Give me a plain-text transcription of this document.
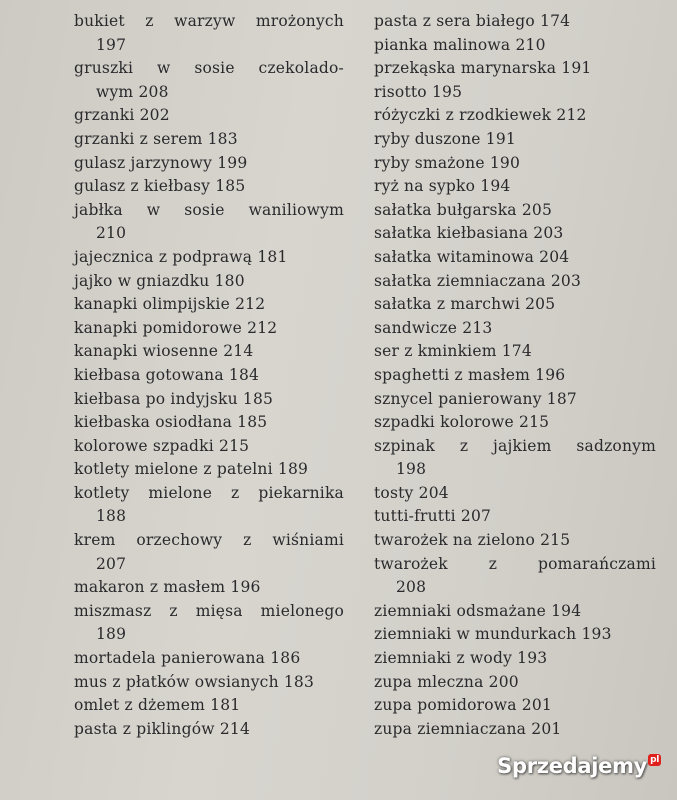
bukiet z warzyw mrożonych
197
gruszki w sosie czekolado-
wym 208
grzanki 202
grzanki z serem 183
gulasz jarzynowy 199
gulasz z kiełbasy 185
jabłka w sosie waniliowym
210
jajecznica z podprawą 181
jajko w gniazdku 180
kanapki olimpijskie 212
kanapki pomidorowe 212
kanapki wiosenne 214
kiełbasa gotowana 184
kiełbasa po indyjsku 185
kiełbaska osiodłana 185
kolorowe szpadki 215
kotlety mielone z patelni 189
kotlety mielone z piekarnika
188
krem orzechowy z wiśniami
207
makaron z masłem 196
miszmasz z mięsa mielonego
189
mortadela panierowana 186
mus z płatków owsianych 183
omlet z dżemem 181
pasta z piklingów 214
pasta z sera białego 174
pianka malinowa 210
przekąska marynarska 191
risotto 195
różyczki z rzodkiewek 212
ryby duszone 191
ryby smażone 190
ryż na sypko 194
sałatka bułgarska 205
sałatka kiełbasiana 203
sałatka witaminowa 204
sałatka ziemniaczana 203
sałatka z marchwi 205
sandwicze 213
ser z kminkiem 174
spaghetti z masłem 196
sznycel panierowany 187
szpadki kolorowe 215
szpinak z jajkiem sadzonym
198
tosty 204
tutti-frutti 207
twarożek na zielono 215
twarożek z pomarańczami
208
ziemniaki odsmażane 194
ziemniaki w mundurkach 193
ziemniaki z wody 193
zupa mleczna 200
zupa pomidorowa 201
zupa ziemniaczana 201
Sprzedajemy pl
